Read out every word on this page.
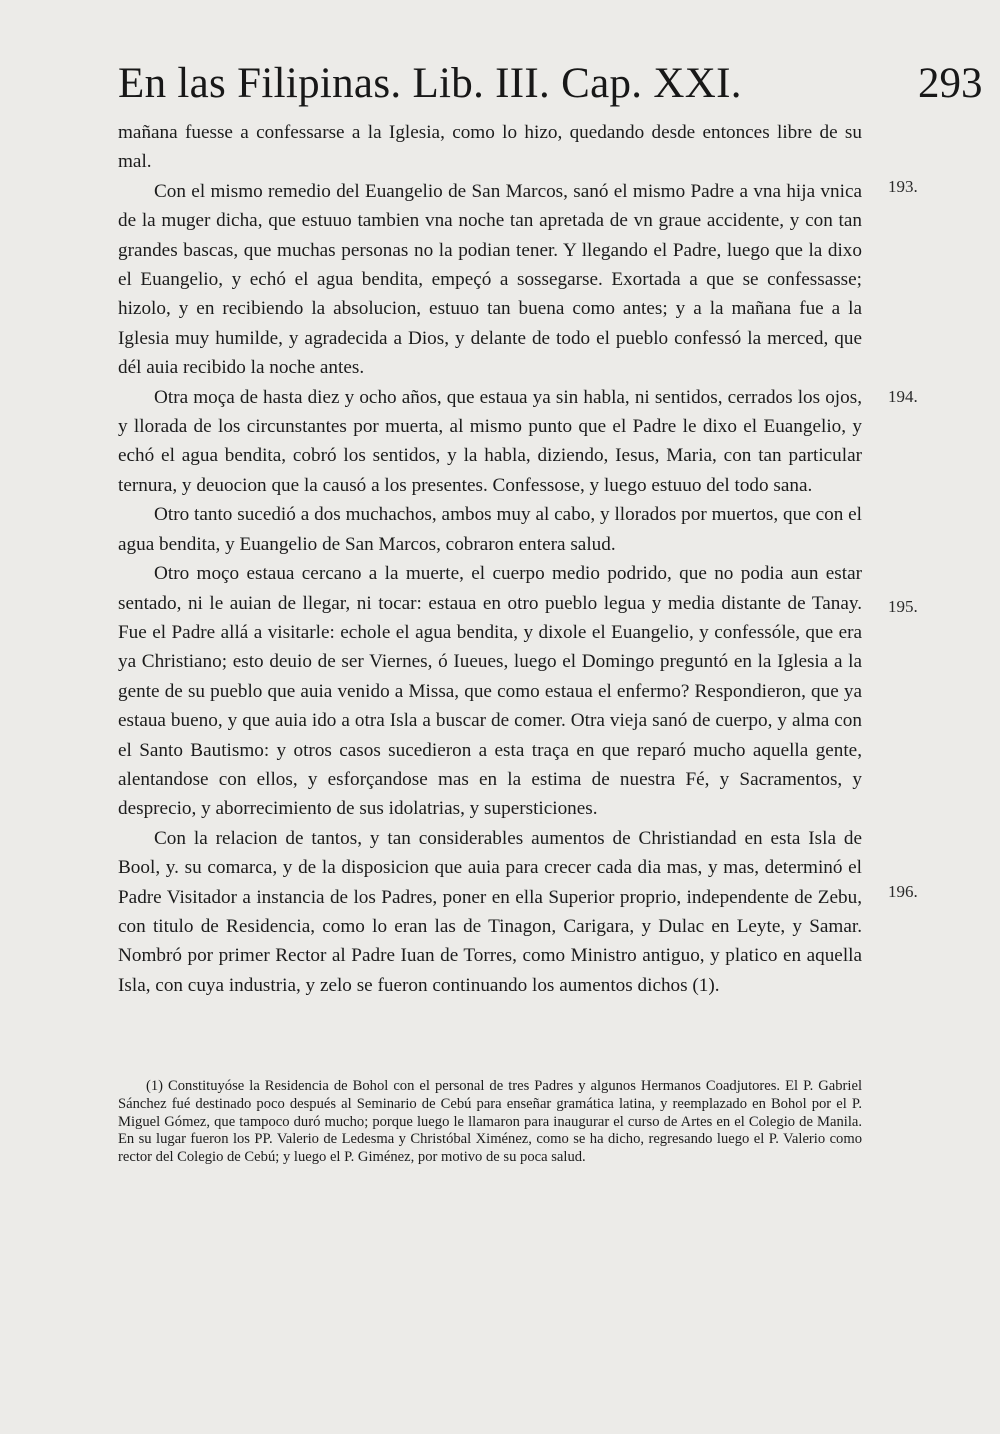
En las Filipinas. Lib. III. Cap. XXI.	293

mañana fuesse a confessarse a la Iglesia, como lo hizo, quedando desde entonces libre de su mal.

Con el mismo remedio del Euangelio de San Marcos, sanó el mismo Padre a vna hija vnica de la muger dicha, que estuuo tambien vna noche tan apretada de vn graue accidente, y con tan grandes bascas, que muchas personas no la podian tener. Y llegando el Padre, luego que la dixo el Euangelio, y echó el agua bendita, empeçó a sossegarse. Exortada a que se confessasse; hizolo, y en recibiendo la absolucion, estuuo tan buena como antes; y a la mañana fue a la Iglesia muy humilde, y agradecida a Dios, y delante de todo el pueblo confessó la merced, que dél auia recibido la noche antes.

Otra moça de hasta diez y ocho años, que estaua ya sin habla, ni sentidos, cerrados los ojos, y llorada de los circunstantes por muerta, al mismo punto que el Padre le dixo el Euangelio, y echó el agua bendita, cobró los sentidos, y la habla, diziendo, Iesus, Maria, con tan particular ternura, y deuocion que la causó a los presentes. Confessose, y luego estuuo del todo sana.

Otro tanto sucedió a dos muchachos, ambos muy al cabo, y llorados por muertos, que con el agua bendita, y Euangelio de San Marcos, cobraron entera salud.

Otro moço estaua cercano a la muerte, el cuerpo medio podrido, que no podia aun estar sentado, ni le auian de llegar, ni tocar: estaua en otro pueblo legua y media distante de Tanay. Fue el Padre allá a visitarle: echole el agua bendita, y dixole el Euangelio, y confessóle, que era ya Christiano; esto deuio de ser Viernes, ó Iueues, luego el Domingo preguntó en la Iglesia a la gente de su pueblo que auia venido a Missa, que como estaua el enfermo? Respondieron, que ya estaua bueno, y que auia ido a otra Isla a buscar de comer. Otra vieja sanó de cuerpo, y alma con el Santo Bautismo: y otros casos sucedieron a esta traça en que reparó mucho aquella gente, alentandose con ellos, y esforçandose mas en la estima de nuestra Fé, y Sacramentos, y desprecio, y aborrecimiento de sus idolatrias, y supersticiones.

Con la relacion de tantos, y tan considerables aumentos de Christiandad en esta Isla de Bool, y. su comarca, y de la disposicion que auia para crecer cada dia mas, y mas, determinó el Padre Visitador a instancia de los Padres, poner en ella Superior proprio, independente de Zebu, con titulo de Residencia, como lo eran las de Tinagon, Carigara, y Dulac en Leyte, y Samar. Nombró por primer Rector al Padre Iuan de Torres, como Ministro antiguo, y platico en aquella Isla, con cuya industria, y zelo se fueron continuando los aumentos dichos (1).

193.
194.
195.
196.
(1) Constituyóse la Residencia de Bohol con el personal de tres Padres y algunos Hermanos Coadjutores. El P. Gabriel Sánchez fué destinado poco después al Seminario de Cebú para enseñar gramática latina, y reemplazado en Bohol por el P. Miguel Gómez, que tampoco duró mucho; porque luego le llamaron para inaugurar el curso de Artes en el Colegio de Manila. En su lugar fueron los PP. Valerio de Ledesma y Christóbal Ximénez, como se ha dicho, regresando luego el P. Valerio como rector del Colegio de Cebú; y luego el P. Giménez, por motivo de su poca salud.
